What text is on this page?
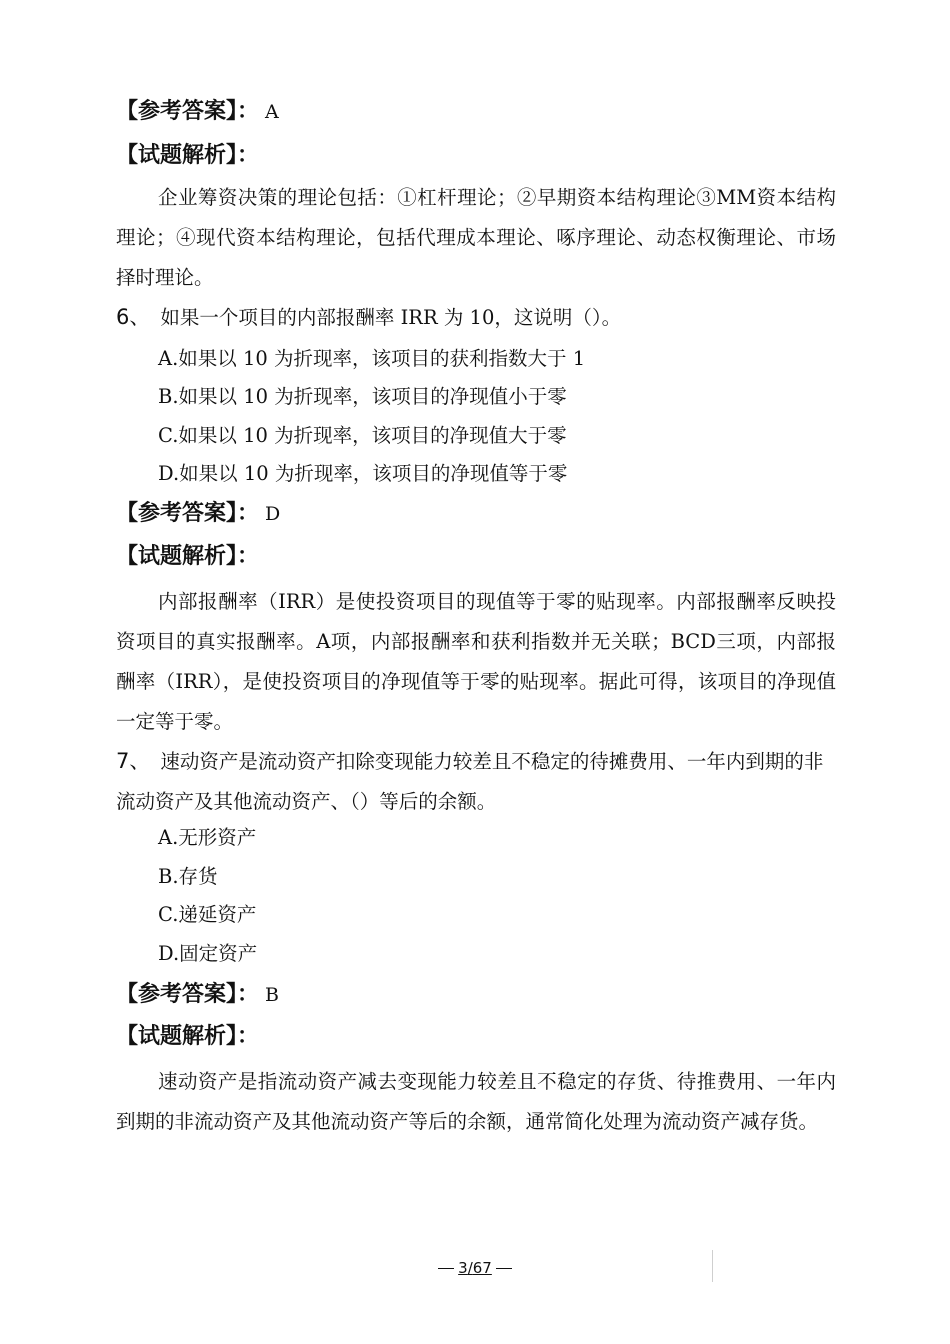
【参考答案】： A
【试题解析】：

企业筹资决策的理论包括：①杠杆理论；②早期资本结构理论③MM资本结构理论；④现代资本结构理论，包括代理成本理论、啄序理论、动态权衡理论、市场择时理论。

6、 如果一个项目的内部报酬率 IRR 为 10，这说明（）。

A.如果以 10 为折现率，该项目的获利指数大于 1
B.如果以 10 为折现率，该项目的净现值小于零
C.如果以 10 为折现率，该项目的净现值大于零
D.如果以 10 为折现率，该项目的净现值等于零
【参考答案】： D
【试题解析】：

内部报酬率（IRR）是使投资项目的现值等于零的贴现率。内部报酬率反映投资项目的真实报酬率。A项，内部报酬率和获利指数并无关联；BCD三项，内部报酬率（IRR），是使投资项目的净现值等于零的贴现率。据此可得，该项目的净现值一定等于零。

7、 速动资产是流动资产扣除变现能力较差且不稳定的待摊费用、一年内到期的非流动资产及其他流动资产、（）等后的余额。

A.无形资产
B.存货
C.递延资产
D.固定资产
【参考答案】： B
【试题解析】：

速动资产是指流动资产减去变现能力较差且不稳定的存货、待推费用、一年内到期的非流动资产及其他流动资产等后的余额，通常简化处理为流动资产减存货。

3/67
